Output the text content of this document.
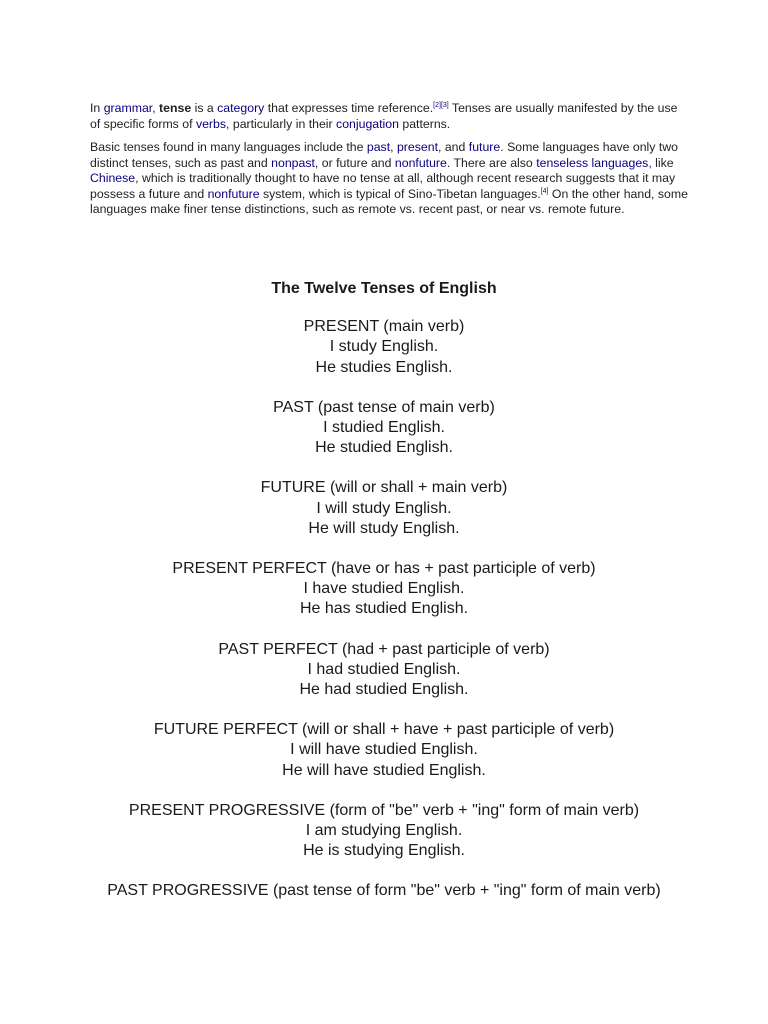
In grammar, tense is a category that expresses time reference.[2][3] Tenses are usually manifested by the use of specific forms of verbs, particularly in their conjugation patterns.

Basic tenses found in many languages include the past, present, and future. Some languages have only two distinct tenses, such as past and nonpast, or future and nonfuture. There are also tenseless languages, like Chinese, which is traditionally thought to have no tense at all, although recent research suggests that it may possess a future and nonfuture system, which is typical of Sino-Tibetan languages.[4] On the other hand, some languages make finer tense distinctions, such as remote vs. recent past, or near vs. remote future.

The Twelve Tenses of English
PRESENT (main verb)
I study English.
He studies English.
PAST (past tense of main verb)
I studied English.
He studied English.
FUTURE (will or shall + main verb)
I will study English.
He will study English.
PRESENT PERFECT (have or has + past participle of verb)
I have studied English.
He has studied English.
PAST PERFECT (had + past participle of verb)
I had studied English.
He had studied English.
FUTURE PERFECT (will or shall + have + past participle of verb)
I will have studied English.
He will have studied English.
PRESENT PROGRESSIVE (form of "be" verb + "ing" form of main verb)
I am studying English.
He is studying English.
PAST PROGRESSIVE (past tense of form "be" verb + "ing" form of main verb)
